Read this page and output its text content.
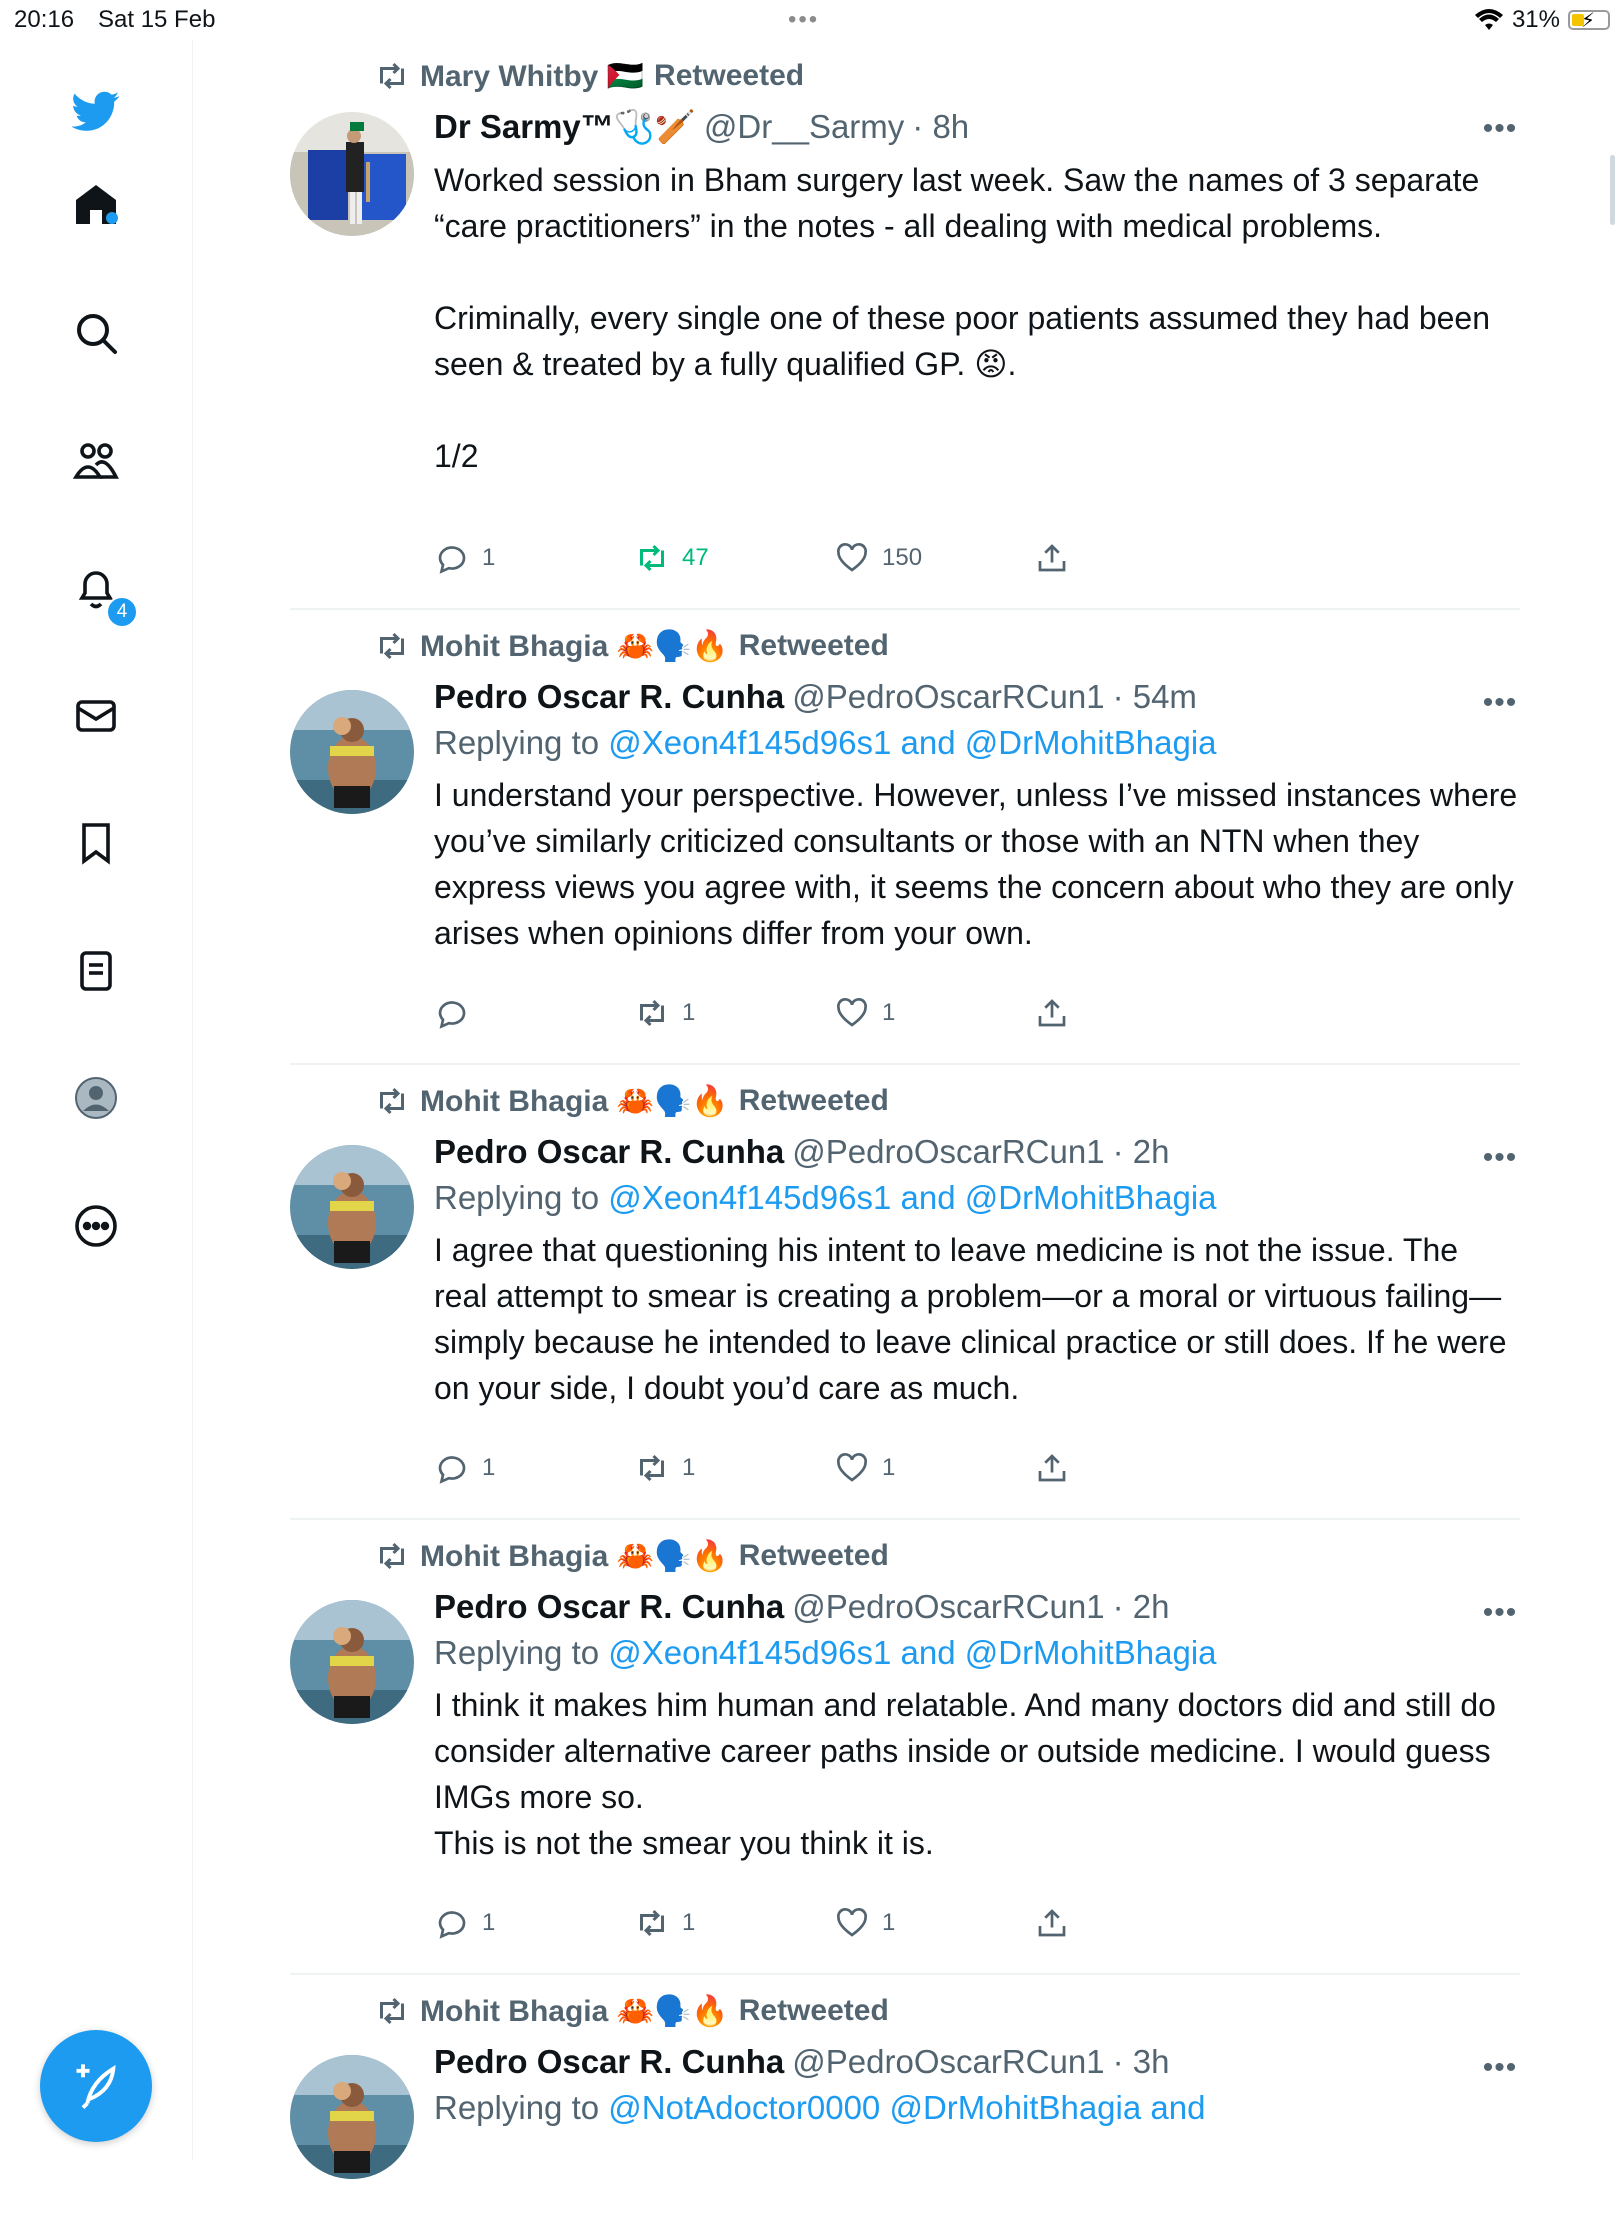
20:16 Sat 15 Feb	•••	31% ⚡
4
Mary Whitby 🇵🇸 Retweeted
•••
Dr Sarmy™🩺🏏 @Dr__Sarmy · 8h
Worked session in Bham surgery last week. Saw the names of 3 separate “care practitioners” in the notes - all dealing with medical problems.

Criminally, every single one of these poor patients assumed they had been seen & treated by a fully qualified GP. 😡.

1/2
1	47	150
Mohit Bhagia 🦀🗣️🔥 Retweeted
•••
Pedro Oscar R. Cunha @PedroOscarRCun1 · 54m
Replying to @Xeon4f145d96s1 and @DrMohitBhagia
I understand your perspective. However, unless I’ve missed instances where you’ve similarly criticized consultants or those with an NTN when they express views you agree with, it seems the concern about who they are only arises when opinions differ from your own.
1	1
Mohit Bhagia 🦀🗣️🔥 Retweeted
•••
Pedro Oscar R. Cunha @PedroOscarRCun1 · 2h
Replying to @Xeon4f145d96s1 and @DrMohitBhagia
I agree that questioning his intent to leave medicine is not the issue. The real attempt to smear is creating a problem—or a moral or virtuous failing—simply because he intended to leave clinical practice or still does. If he were on your side, I doubt you’d care as much.
1	1	1
Mohit Bhagia 🦀🗣️🔥 Retweeted
•••
Pedro Oscar R. Cunha @PedroOscarRCun1 · 2h
Replying to @Xeon4f145d96s1 and @DrMohitBhagia
I think it makes him human and relatable. And many doctors did and still do consider alternative career paths inside or outside medicine. I would guess IMGs more so.
This is not the smear you think it is.
1	1	1
Mohit Bhagia 🦀🗣️🔥 Retweeted
•••
Pedro Oscar R. Cunha @PedroOscarRCun1 · 3h
Replying to @NotAdoctor0000 @DrMohitBhagia and
